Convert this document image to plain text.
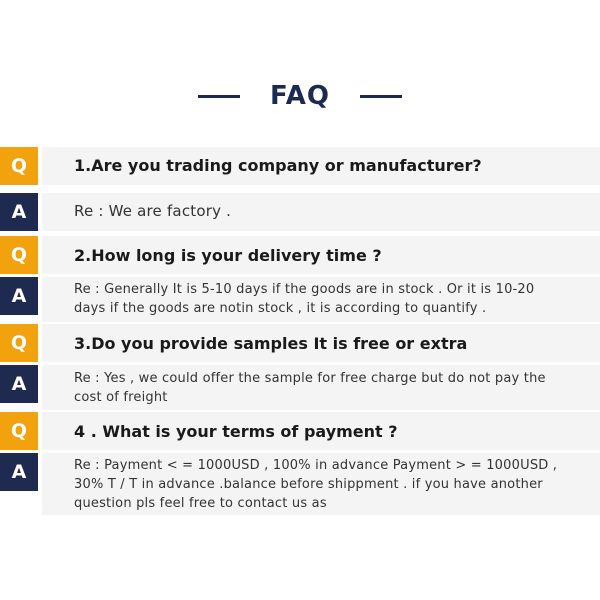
FAQ
Q	1.Are you trading company or manufacturer?
A	Re : We are factory .
Q	2.How long is your delivery time ?
A	Re : Generally It is 5-10 days if the goods are in stock . Or it is 10-20 days if the goods are notin stock , it is according to quantify .
Q	3.Do you provide samples It is free or extra
A	Re : Yes , we could offer the sample for free charge but do not pay the cost of freight
Q	4 . What is your terms of payment ?
A	Re : Payment < = 1000USD , 100% in advance Payment > = 1000USD , 30% T / T in advance .balance before shippment . if you have another question pls feel free to contact us as
